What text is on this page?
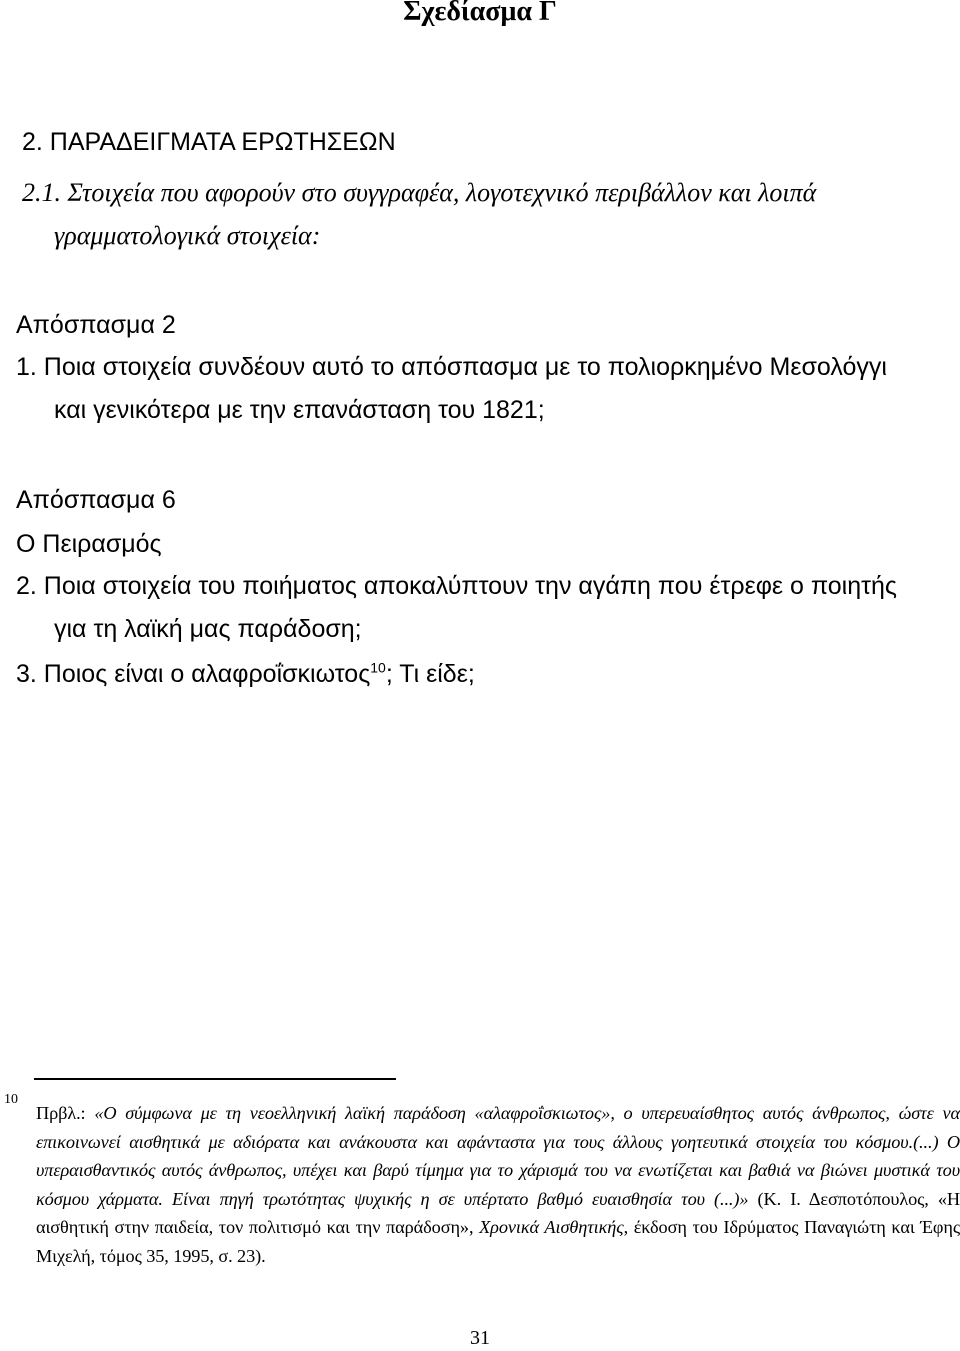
Σχεδίασμα Γ
2. ΠΑΡΑΔΕΙΓΜΑΤΑ ΕΡΩΤΗΣΕΩΝ
2.1. Στοιχεία που αφορούν στο συγγραφέα, λογοτεχνικό περιβάλλον και λοιπά
γραμματολογικά στοιχεία:
Απόσπασμα 2
1. Ποια στοιχεία συνδέουν αυτό το απόσπασμα με το πολιορκημένο Μεσολόγγι
και γενικότερα με την επανάσταση του 1821;
Απόσπασμα 6
Ο Πειρασμός
2. Ποια στοιχεία του ποιήματος αποκαλύπτουν την αγάπη που έτρεφε ο ποιητής
για τη λαϊκή μας παράδοση;
3. Ποιος είναι ο αλαφροΐσκιωτος$^{10}$; Τι είδε;
10
Πρβλ.: «Ο σύμφωνα με τη νεοελληνική λαϊκή παράδοση «αλαφροΐσκιωτος», ο υπερευαίσθητος αυτός άνθρωπος, ώστε να επικοινωνεί αισθητικά με αδιόρατα και ανάκουστα και αφάνταστα για τους άλλους γοητευτικά στοιχεία του κόσμου.(...) Ο υπεραισθαντικός αυτός άνθρωπος, υπέχει και βαρύ τίμημα για το χάρισμά του να ενωτίζεται και βαθιά να βιώνει μυστικά του κόσμου χάρματα. Είναι πηγή τρωτότητας ψυχικής η σε υπέρτατο βαθμό ευαισθησία του (...)» (Κ. Ι. Δεσποτόπουλος, «Η αισθητική στην παιδεία, τον πολιτισμό και την παράδοση», Χρονικά Αισθητικής, έκδοση του Ιδρύματος Παναγιώτη και Έφης Μιχελή, τόμος 35, 1995, σ. 23).
31
